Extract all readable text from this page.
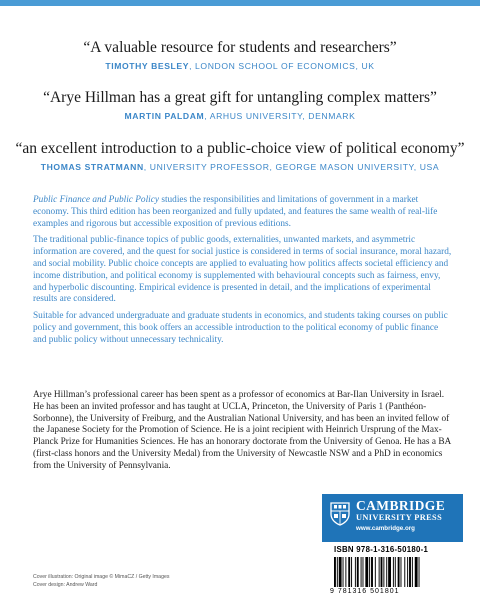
“A valuable resource for students and researchers”
TIMOTHY BESLEY, LONDON SCHOOL OF ECONOMICS, UK
“Arye Hillman has a great gift for untangling complex matters”
MARTIN PALDAM, ARHUS UNIVERSITY, DENMARK
“an excellent introduction to a public-choice view of political economy”
THOMAS STRATMANN, UNIVERSITY PROFESSOR, GEORGE MASON UNIVERSITY, USA

Public Finance and Public Policy studies the responsibilities and limitations of government in a market economy. This third edition has been reorganized and fully updated, and features the same wealth of real-life examples and rigorous but accessible exposition of previous editions.

The traditional public-finance topics of public goods, externalities, unwanted markets, and asymmetric information are covered, and the quest for social justice is considered in terms of social insurance, moral hazard, and social mobility. Public choice concepts are applied to evaluating how politics affects societal efficiency and income distribution, and political economy is supplemented with behavioural concepts such as fairness, envy, and hyperbolic discounting. Empirical evidence is presented in detail, and the implications of experimental results are considered.

Suitable for advanced undergraduate and graduate students in economics, and students taking courses on public policy and government, this book offers an accessible introduction to the political economy of public finance and public policy without unnecessary technicality.

Arye Hillman’s professional career has been spent as a professor of economics at Bar-Ilan University in Israel. He has been an invited professor and has taught at UCLA, Princeton, the University of Paris 1 (Panthéon-Sorbonne), the University of Freiburg, and the Australian National University, and has been an invited fellow of the Japanese Society for the Promotion of Science. He is a joint recipient with Heinrich Ursprung of the Max-Planck Prize for Humanities Sciences. He has an honorary doctorate from the University of Genoa. He has a BA (first-class honors and the University Medal) from the University of Newcastle NSW and a PhD in economics from the University of Pennsylvania.

Cover illustration: Original image © MimaCZ / Getty Images
Cover design: Andrew Ward
CAMBRIDGE
UNIVERSITY PRESS
www.cambridge.org
ISBN 978-1-316-50180-1
9 781316 501801
